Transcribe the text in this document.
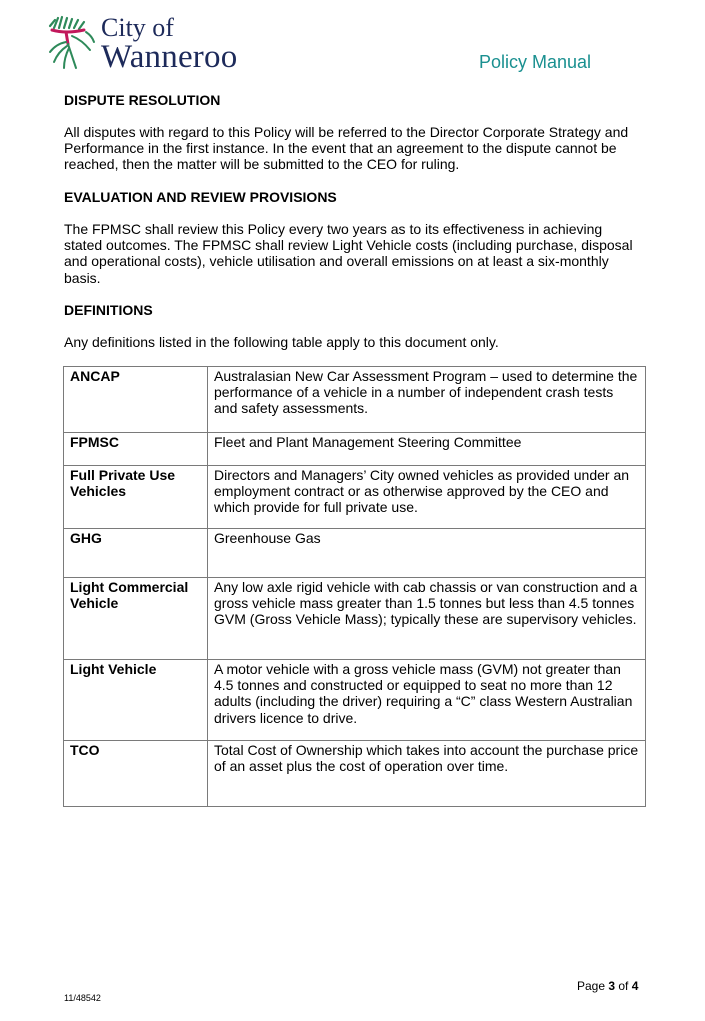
City of
Wanneroo	Policy Manual
DISPUTE RESOLUTION
All disputes with regard to this Policy will be referred to the Director Corporate Strategy and Performance in the first instance. In the event that an agreement to the dispute cannot be reached, then the matter will be submitted to the CEO for ruling.
EVALUATION AND REVIEW PROVISIONS
The FPMSC shall review this Policy every two years as to its effectiveness in achieving stated outcomes. The FPMSC shall review Light Vehicle costs (including purchase, disposal and operational costs), vehicle utilisation and overall emissions on at least a six-monthly basis.
DEFINITIONS
Any definitions listed in the following table apply to this document only.
ANCAP	Australasian New Car Assessment Program – used to determine the performance of a vehicle in a number of independent crash tests and safety assessments.
FPMSC	Fleet and Plant Management Steering Committee
Full Private Use Vehicles	Directors and Managers’ City owned vehicles as provided under an employment contract or as otherwise approved by the CEO and which provide for full private use.
GHG	Greenhouse Gas
Light Commercial Vehicle	Any low axle rigid vehicle with cab chassis or van construction and a gross vehicle mass greater than 1.5 tonnes but less than 4.5 tonnes GVM (Gross Vehicle Mass); typically these are supervisory vehicles.
Light Vehicle	A motor vehicle with a gross vehicle mass (GVM) not greater than 4.5 tonnes and constructed or equipped to seat no more than 12 adults (including the driver) requiring a “C” class Western Australian drivers licence to drive.
TCO	Total Cost of Ownership which takes into account the purchase price of an asset plus the cost of operation over time.
Page 3 of 4
11/48542
